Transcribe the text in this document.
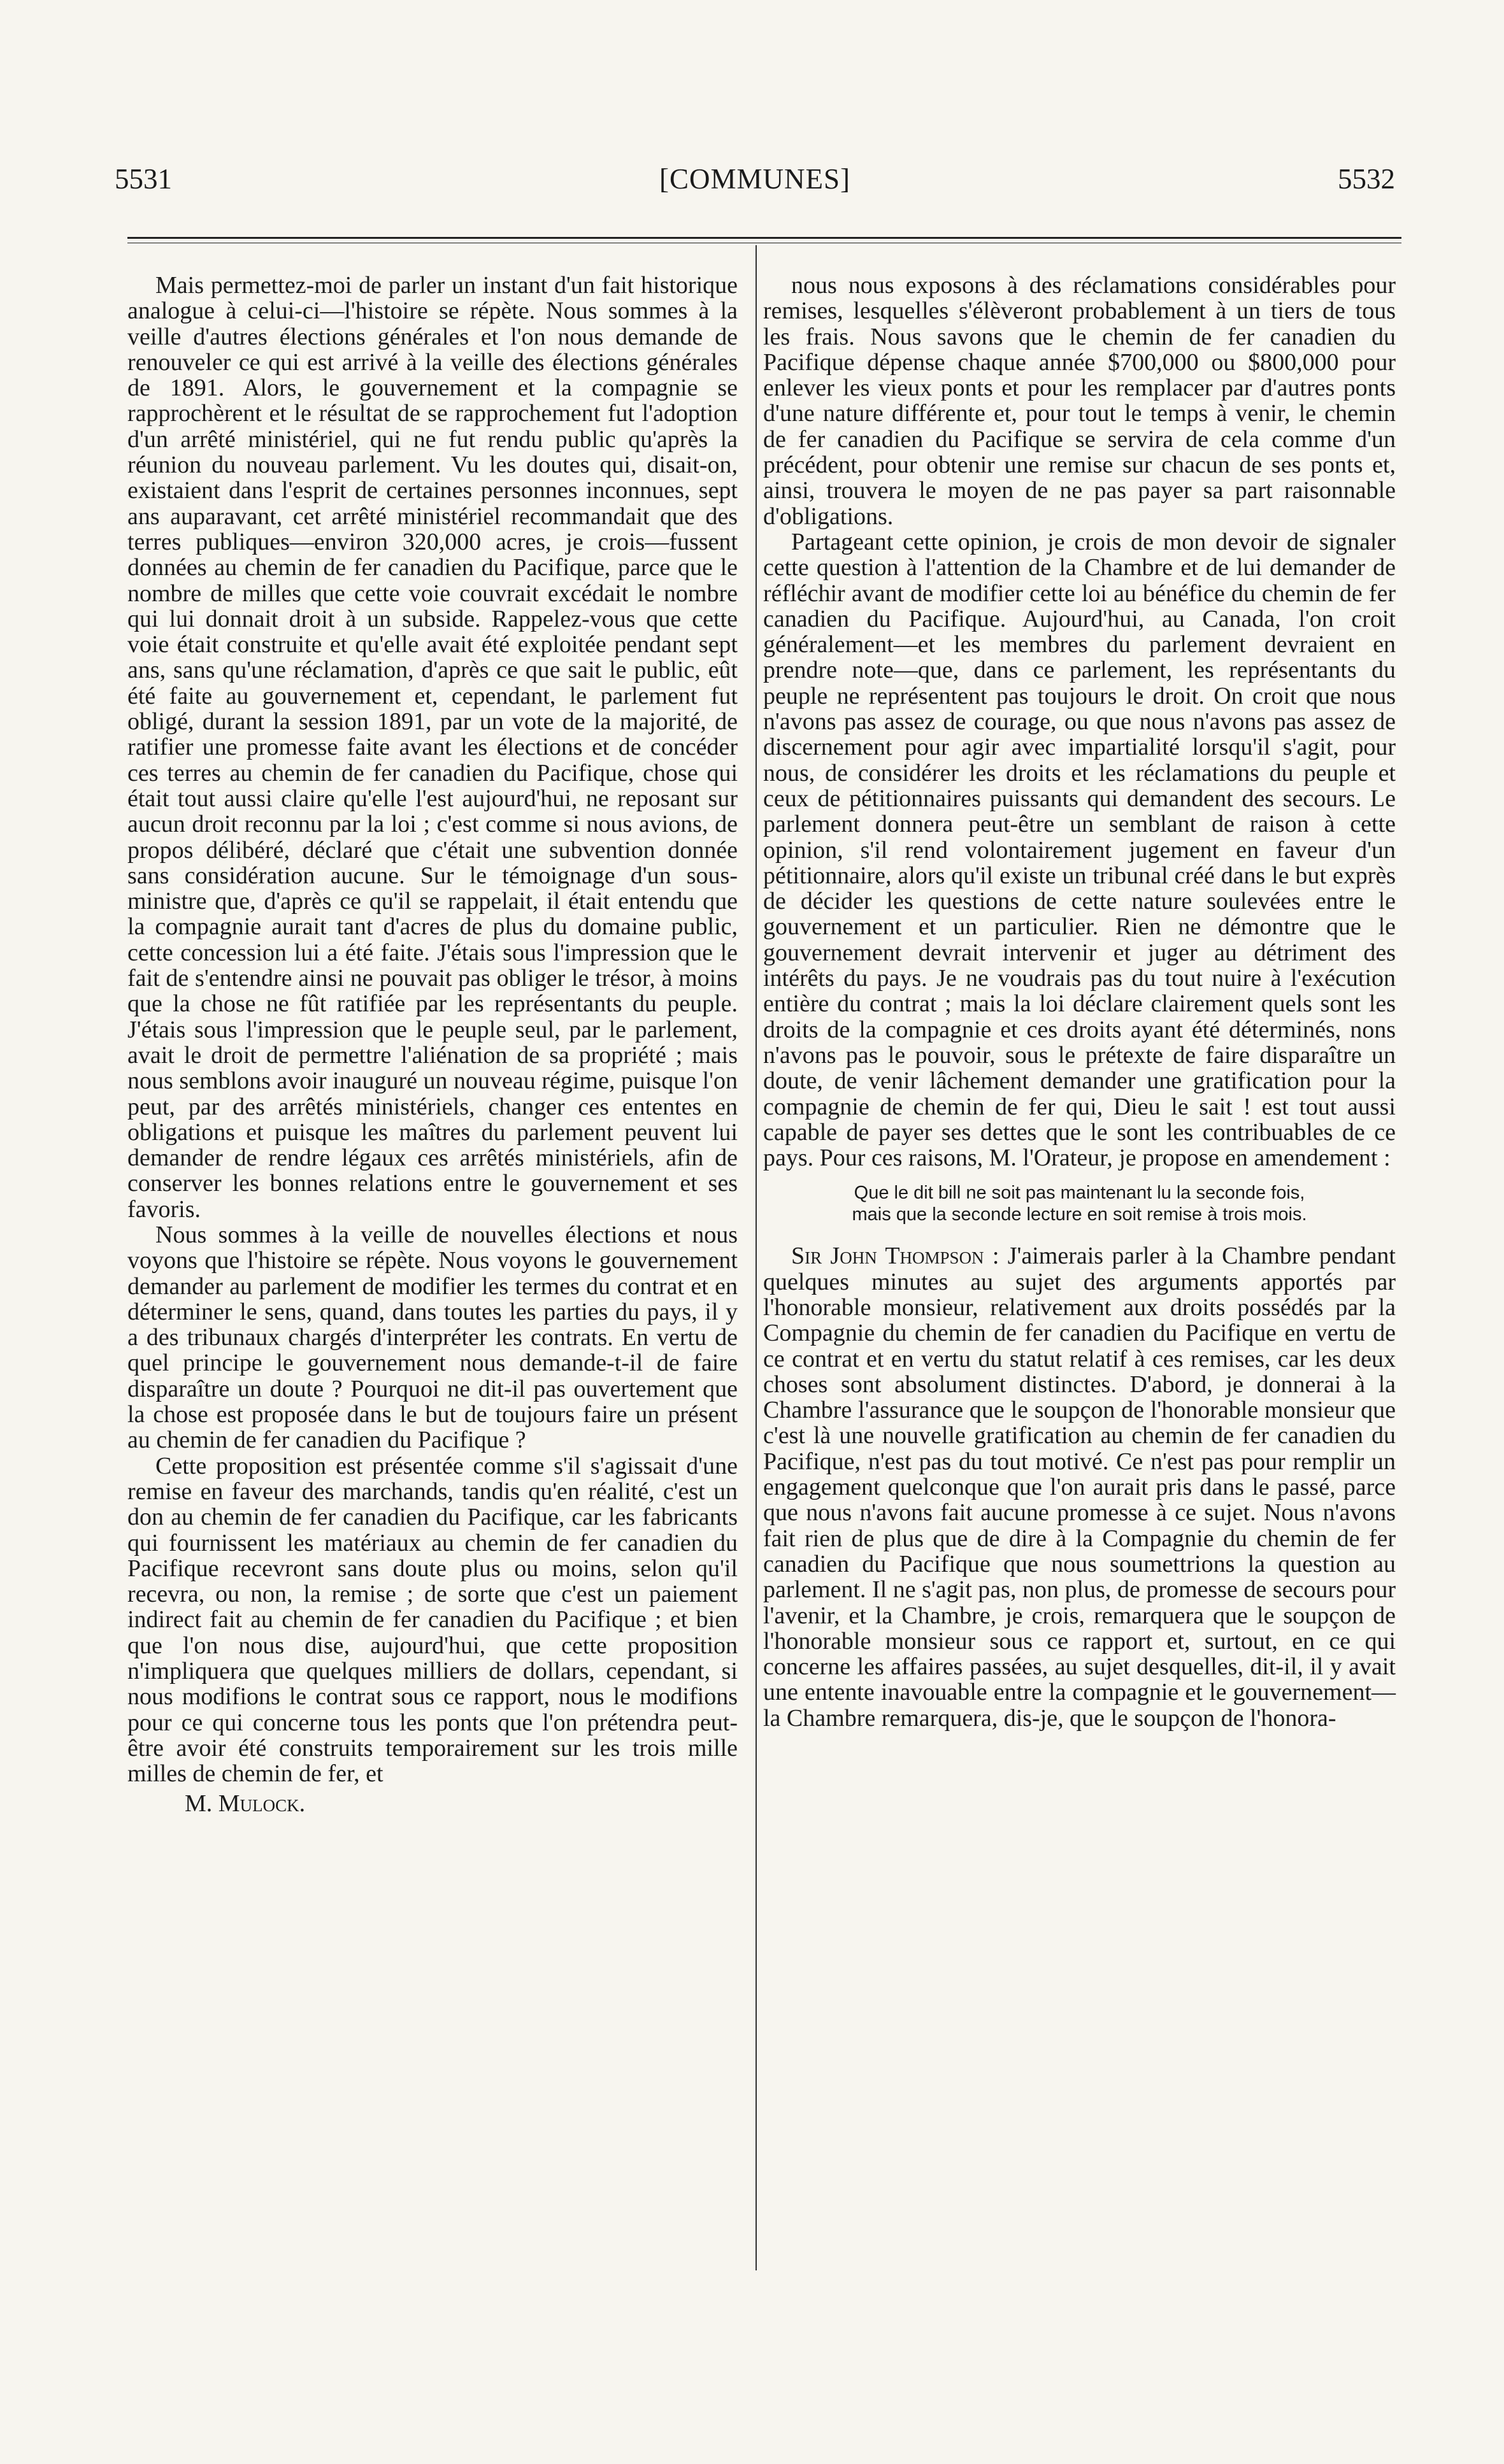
5531	[COMMUNES]	5532

Mais permettez-moi de parler un instant d'un fait historique analogue à celui-ci—l'histoire se répète. Nous sommes à la veille d'autres élections générales et l'on nous demande de renouveler ce qui est arrivé à la veille des élections générales de 1891. Alors, le gouvernement et la compagnie se rapprochèrent et le résultat de se rapprochement fut l'adoption d'un arrêté ministériel, qui ne fut rendu public qu'après la réunion du nouveau parlement. Vu les doutes qui, disait-on, existaient dans l'esprit de certaines personnes inconnues, sept ans auparavant, cet arrêté ministériel recommandait que des terres publiques—environ 320,000 acres, je crois—fussent données au chemin de fer canadien du Pacifique, parce que le nombre de milles que cette voie couvrait excédait le nombre qui lui donnait droit à un subside. Rappelez-vous que cette voie était construite et qu'elle avait été exploitée pendant sept ans, sans qu'une réclamation, d'après ce que sait le public, eût été faite au gouvernement et, cependant, le parlement fut obligé, durant la session 1891, par un vote de la majorité, de ratifier une promesse faite avant les élections et de concéder ces terres au chemin de fer canadien du Pacifique, chose qui était tout aussi claire qu'elle l'est aujourd'hui, ne reposant sur aucun droit reconnu par la loi ; c'est comme si nous avions, de propos délibéré, déclaré que c'était une subvention donnée sans considération aucune. Sur le témoignage d'un sous-ministre que, d'après ce qu'il se rappelait, il était entendu que la compagnie aurait tant d'acres de plus du domaine public, cette concession lui a été faite. J'étais sous l'impression que le fait de s'entendre ainsi ne pouvait pas obliger le trésor, à moins que la chose ne fût ratifiée par les représentants du peuple. J'étais sous l'impression que le peuple seul, par le parlement, avait le droit de permettre l'aliénation de sa propriété ; mais nous semblons avoir inauguré un nouveau régime, puisque l'on peut, par des arrêtés ministériels, changer ces ententes en obligations et puisque les maîtres du parlement peuvent lui demander de rendre légaux ces arrêtés ministériels, afin de conserver les bonnes relations entre le gouvernement et ses favoris.

Nous sommes à la veille de nouvelles élections et nous voyons que l'histoire se répète. Nous voyons le gouvernement demander au parlement de modifier les termes du contrat et en déterminer le sens, quand, dans toutes les parties du pays, il y a des tribunaux chargés d'interpréter les contrats. En vertu de quel principe le gouvernement nous demande-t-il de faire disparaître un doute ? Pourquoi ne dit-il pas ouvertement que la chose est proposée dans le but de toujours faire un présent au chemin de fer canadien du Pacifique ?

Cette proposition est présentée comme s'il s'agissait d'une remise en faveur des marchands, tandis qu'en réalité, c'est un don au chemin de fer canadien du Pacifique, car les fabricants qui fournissent les matériaux au chemin de fer canadien du Pacifique recevront sans doute plus ou moins, selon qu'il recevra, ou non, la remise ; de sorte que c'est un paiement indirect fait au chemin de fer canadien du Pacifique ; et bien que l'on nous dise, aujourd'hui, que cette proposition n'impliquera que quelques milliers de dollars, cependant, si nous modifions le contrat sous ce rapport, nous le modifions pour ce qui concerne tous les ponts que l'on prétendra peut-être avoir été construits temporairement sur les trois mille milles de chemin de fer, et

M. Mulock.

nous nous exposons à des réclamations considérables pour remises, lesquelles s'élèveront probablement à un tiers de tous les frais. Nous savons que le chemin de fer canadien du Pacifique dépense chaque année $700,000 ou $800,000 pour enlever les vieux ponts et pour les remplacer par d'autres ponts d'une nature différente et, pour tout le temps à venir, le chemin de fer canadien du Pacifique se servira de cela comme d'un précédent, pour obtenir une remise sur chacun de ses ponts et, ainsi, trouvera le moyen de ne pas payer sa part raisonnable d'obligations.

Partageant cette opinion, je crois de mon devoir de signaler cette question à l'attention de la Chambre et de lui demander de réfléchir avant de modifier cette loi au bénéfice du chemin de fer canadien du Pacifique. Aujourd'hui, au Canada, l'on croit généralement—et les membres du parlement devraient en prendre note—que, dans ce parlement, les représentants du peuple ne représentent pas toujours le droit. On croit que nous n'avons pas assez de courage, ou que nous n'avons pas assez de discernement pour agir avec impartialité lorsqu'il s'agit, pour nous, de considérer les droits et les réclamations du peuple et ceux de pétitionnaires puissants qui demandent des secours. Le parlement donnera peut-être un semblant de raison à cette opinion, s'il rend volontairement jugement en faveur d'un pétitionnaire, alors qu'il existe un tribunal créé dans le but exprès de décider les questions de cette nature soulevées entre le gouvernement et un particulier. Rien ne démontre que le gouvernement devrait intervenir et juger au détriment des intérêts du pays. Je ne voudrais pas du tout nuire à l'exécution entière du contrat ; mais la loi déclare clairement quels sont les droits de la compagnie et ces droits ayant été déterminés, nons n'avons pas le pouvoir, sous le prétexte de faire disparaître un doute, de venir lâchement demander une gratification pour la compagnie de chemin de fer qui, Dieu le sait ! est tout aussi capable de payer ses dettes que le sont les contribuables de ce pays. Pour ces raisons, M. l'Orateur, je propose en amendement :

Que le dit bill ne soit pas maintenant lu la seconde fois,
mais que la seconde lecture en soit remise à trois mois.

Sir John Thompson : J'aimerais parler à la Chambre pendant quelques minutes au sujet des arguments apportés par l'honorable monsieur, relativement aux droits possédés par la Compagnie du chemin de fer canadien du Pacifique en vertu de ce contrat et en vertu du statut relatif à ces remises, car les deux choses sont absolument distinctes. D'abord, je donnerai à la Chambre l'assurance que le soupçon de l'honorable monsieur que c'est là une nouvelle gratification au chemin de fer canadien du Pacifique, n'est pas du tout motivé. Ce n'est pas pour remplir un engagement quelconque que l'on aurait pris dans le passé, parce que nous n'avons fait aucune promesse à ce sujet. Nous n'avons fait rien de plus que de dire à la Compagnie du chemin de fer canadien du Pacifique que nous soumettrions la question au parlement. Il ne s'agit pas, non plus, de promesse de secours pour l'avenir, et la Chambre, je crois, remarquera que le soupçon de l'honorable monsieur sous ce rapport et, surtout, en ce qui concerne les affaires passées, au sujet desquelles, dit-il, il y avait une entente inavouable entre la compagnie et le gouvernement—la Chambre remarquera, dis-je, que le soupçon de l'honora-
